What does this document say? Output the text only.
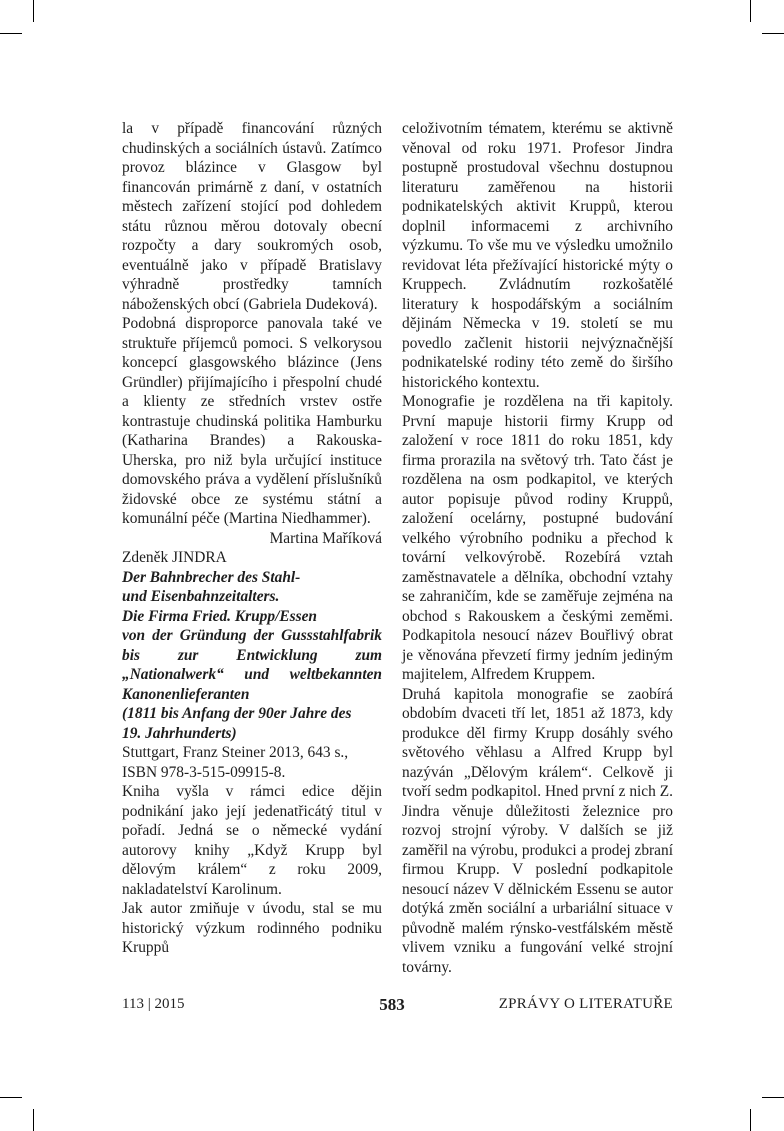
la v případě financování různých chudinských a sociálních ústavů. Zatímco provoz blázince v Glasgow byl financován primárně z daní, v ostatních městech zařízení stojící pod dohledem státu různou měrou dotovaly obecní rozpočty a dary soukromých osob, eventuálně jako v případě Bratislavy výhradně prostředky tamních náboženských obcí (Gabriela Dudeková).

Podobná disproporce panovala také ve struktuře příjemců pomoci. S velkorysou koncepcí glasgowského blázince (Jens Gründler) přijímajícího i přespolní chudé a klienty ze středních vrstev ostře kontrastuje chudinská politika Hamburku (Katharina Brandes) a Rakouska-Uherska, pro niž byla určující instituce domovského práva a vydělení příslušníků židovské obce ze systému státní a komunální péče (Martina Niedhammer).

Martina Maříková

Zdeněk JINDRA

Der Bahnbrecher des Stahl-
und Eisenbahnzeitalters.
Die Firma Fried. Krupp/Essen

von der Gründung der Gussstahlfabrik bis zur Entwicklung zum „Nationalwerk“ und weltbekannten Kanonenlieferanten
(1811 bis Anfang der 90er Jahre des
19. Jahrhunderts)

Stuttgart, Franz Steiner 2013, 643 s.,

ISBN 978-3-515-09915-8.

Kniha vyšla v rámci edice dějin podnikání jako její jedenatřicátý titul v pořadí. Jedná se o německé vydání autorovy knihy „Když Krupp byl dělovým králem“ z roku 2009, nakladatelství Karolinum.

Jak autor zmiňuje v úvodu, stal se mu historický výzkum rodinného podniku Kruppů

celoživotním tématem, kterému se aktivně věnoval od roku 1971. Profesor Jindra postupně prostudoval všechnu dostupnou literaturu zaměřenou na historii podnikatelských aktivit Kruppů, kterou doplnil informacemi z archivního výzkumu. To vše mu ve výsledku umožnilo revidovat léta přežívající historické mýty o Kruppech. Zvládnutím rozkošatělé literatury k hospodářským a sociálním dějinám Německa v 19. století se mu povedlo začlenit historii nejvýznačnější podnikatelské rodiny této země do širšího historického kontextu.

Monografie je rozdělena na tři kapitoly. První mapuje historii firmy Krupp od založení v roce 1811 do roku 1851, kdy firma prorazila na světový trh. Tato část je rozdělena na osm podkapitol, ve kterých autor popisuje původ rodiny Kruppů, založení ocelárny, postupné budování velkého výrobního podniku a přechod k tovární velkovýrobě. Rozebírá vztah zaměstnavatele a dělníka, obchodní vztahy se zahraničím, kde se zaměřuje zejména na obchod s Rakouskem a českými zeměmi. Podkapitola nesoucí název Bouřlivý obrat je věnována převzetí firmy jedním jediným majitelem, Alfredem Kruppem.

Druhá kapitola monografie se zaobírá obdobím dvaceti tří let, 1851 až 1873, kdy produkce děl firmy Krupp dosáhly svého světového věhlasu a Alfred Krupp byl nazýván „Dělovým králem“. Celkově ji tvoří sedm podkapitol. Hned první z nich Z. Jindra věnuje důležitosti železnice pro rozvoj strojní výroby. V dalších se již zaměřil na výrobu, produkci a prodej zbraní firmou Krupp. V poslední podkapitole nesoucí název V dělnickém Essenu se autor dotýká změn sociální a urbariální situace v původně malém rýnsko-vestfálském městě vlivem vzniku a fungování velké strojní továrny.

113 | 2015	583	ZPRÁVY O LITERATUŘE
